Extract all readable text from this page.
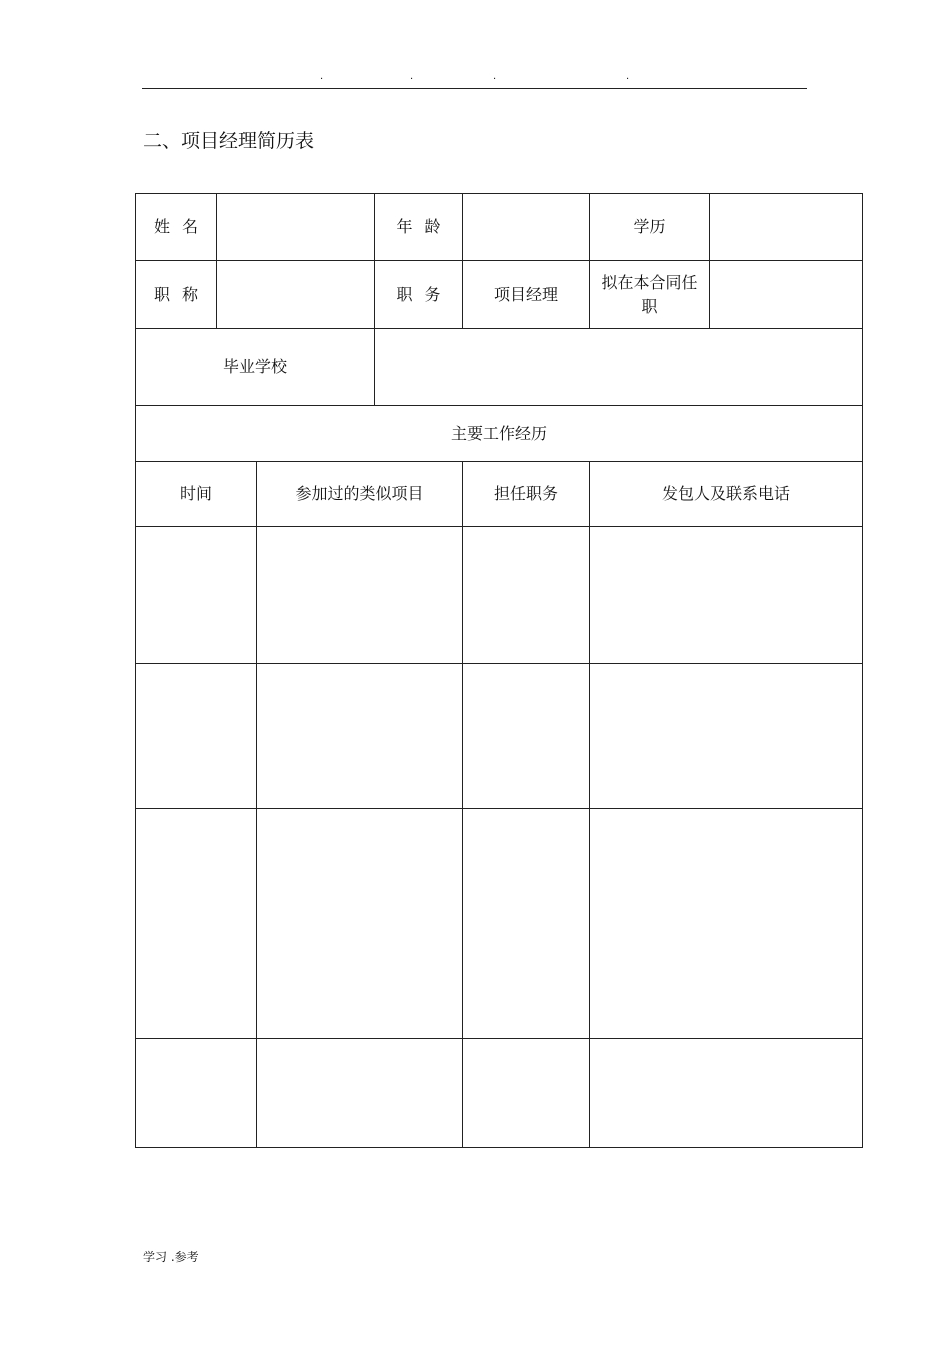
.	.	.	.
二、项目经理简历表
姓名			年龄		学历	
职称			职务	项目经理	拟在本合同任职	

毕业学校						
主要工作经历						
时间		参加过的类似项目		担任职务	发包人及联系电话	

学习 .参考
